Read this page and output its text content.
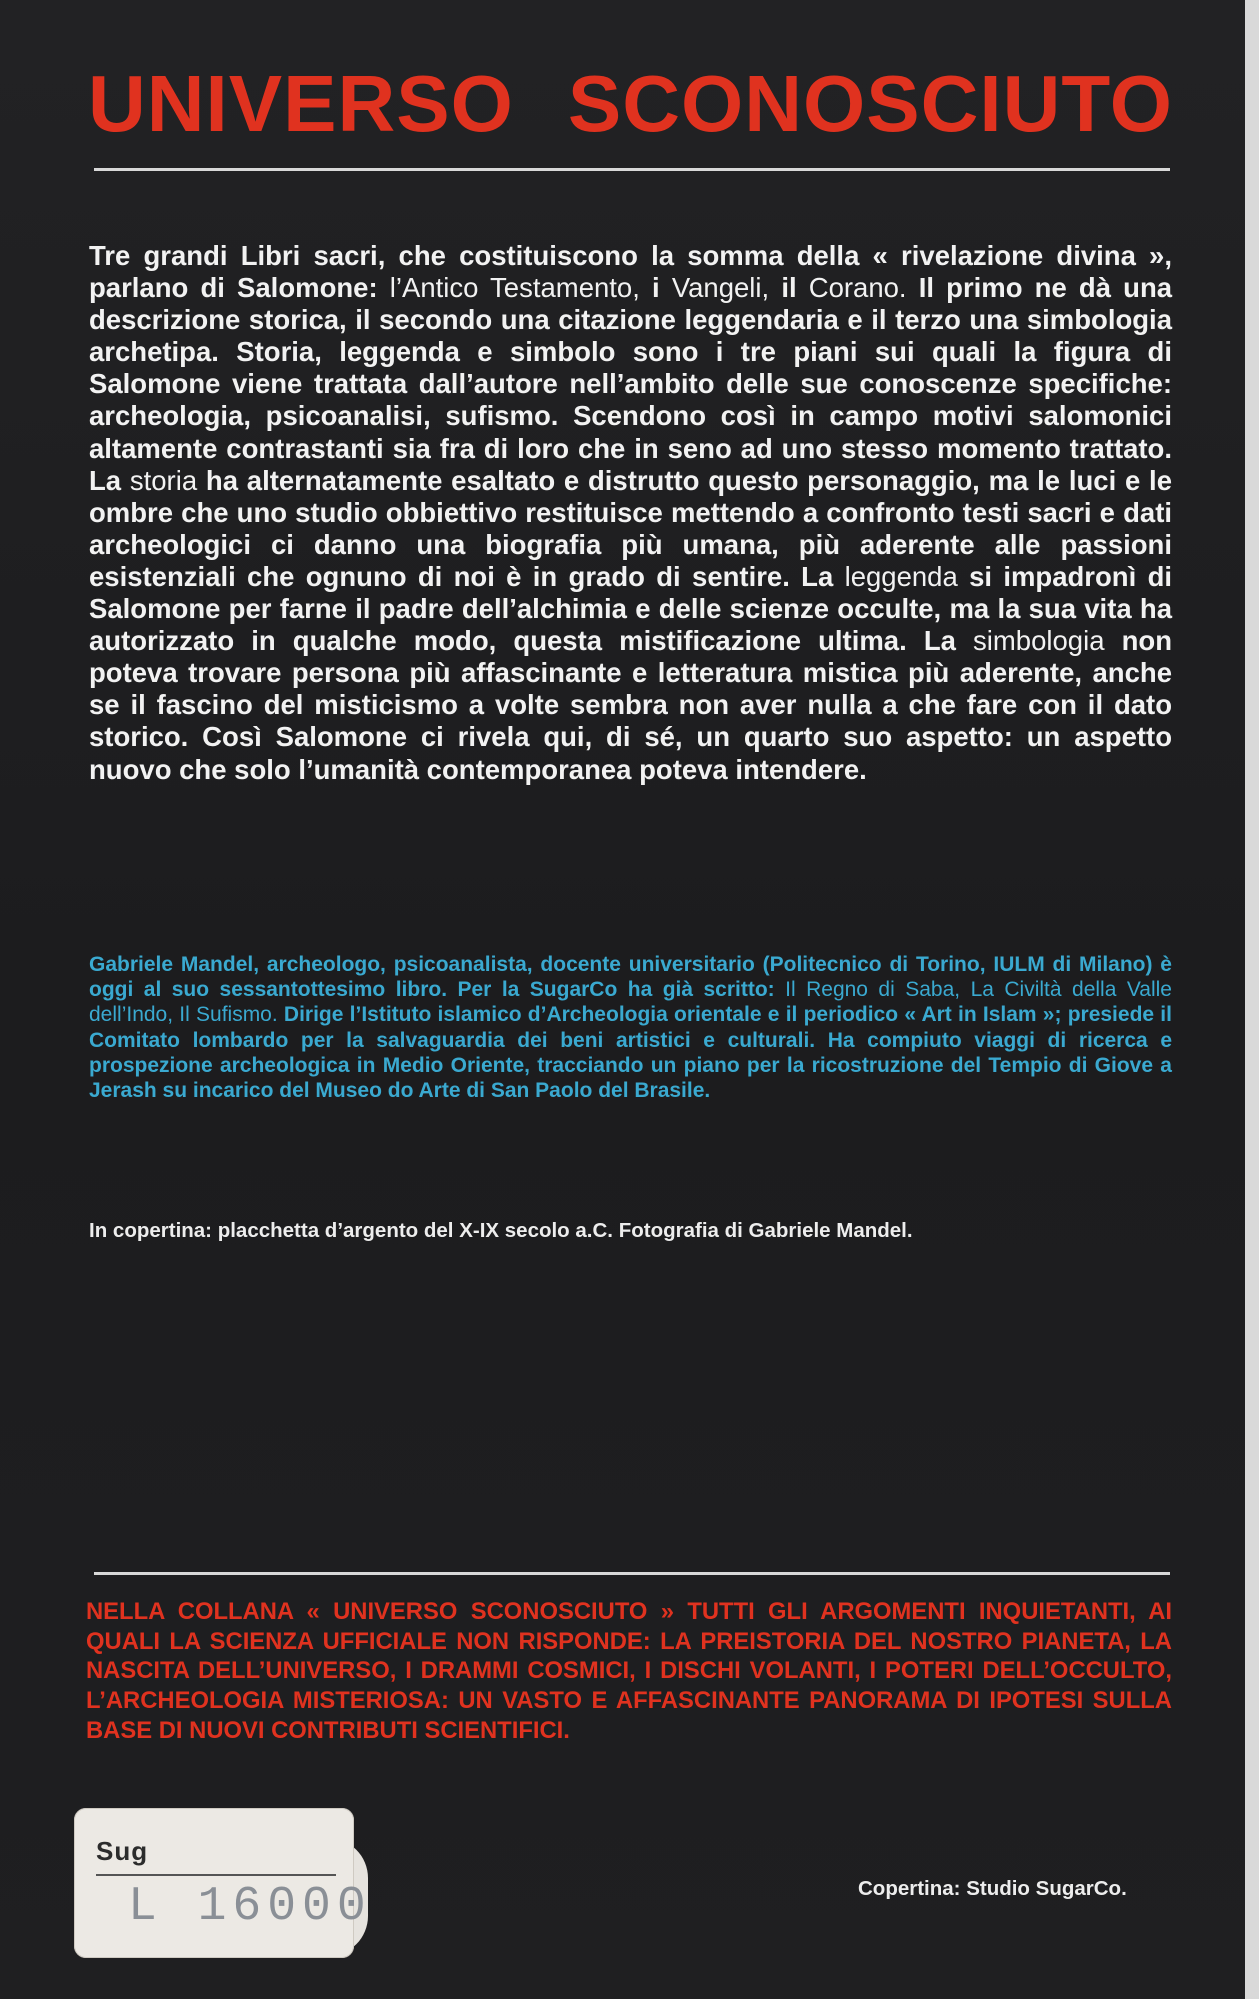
UNIVERSO SCONOSCIUTO

Tre grandi Libri sacri, che costituiscono la somma della « rivelazione divina », parlano di Salomone: l’Antico Testamento, i Vangeli, il Corano. Il primo ne dà una descrizione storica, il secondo una citazione leggendaria e il terzo una simbologia archetipa. Storia, leggenda e simbolo sono i tre piani sui quali la figura di Salomone viene trattata dall’autore nell’ambito delle sue conoscenze specifiche: archeologia, psicoanalisi, sufismo. Scendono così in campo motivi salomonici altamente contrastanti sia fra di loro che in seno ad uno stesso momento trattato. La storia ha alternatamente esaltato e distrutto questo personaggio, ma le luci e le ombre che uno studio obbiettivo restituisce mettendo a confronto testi sacri e dati archeologici ci danno una biografia più umana, più aderente alle passioni esistenziali che ognuno di noi è in grado di sentire. La leggenda si impadronì di Salomone per farne il padre dell’alchimia e delle scienze occulte, ma la sua vita ha autorizzato in qualche modo, questa mistificazione ultima. La simbologia non poteva trovare persona più affascinante e letteratura mistica più aderente, anche se il fascino del misticismo a volte sembra non aver nulla a che fare con il dato storico. Così Salomone ci rivela qui, di sé, un quarto suo aspetto: un aspetto nuovo che solo l’umanità contemporanea poteva intendere.

Gabriele Mandel, archeologo, psicoanalista, docente universitario (Politecnico di Torino, IULM di Milano) è oggi al suo sessantottesimo libro. Per la SugarCo ha già scritto: Il Regno di Saba, La Civiltà della Valle dell’Indo, Il Sufismo. Dirige l’Istituto islamico d’Archeologia orientale e il periodico « Art in Islam »; presiede il Comitato lombardo per la salvaguardia dei beni artistici e culturali. Ha compiuto viaggi di ricerca e prospezione archeologica in Medio Oriente, tracciando un piano per la ricostruzione del Tempio di Giove a Jerash su incarico del Museo do Arte di San Paolo del Brasile.

In copertina: placchetta d’argento del X-IX secolo a.C. Fotografia di Gabriele Mandel.

NELLA COLLANA « UNIVERSO SCONOSCIUTO » TUTTI GLI ARGOMENTI INQUIETANTI, AI QUALI LA SCIENZA UFFICIALE NON RISPONDE: LA PREISTORIA DEL NOSTRO PIANETA, LA NASCITA DELL’UNIVERSO, I DRAMMI COSMICI, I DISCHI VOLANTI, I POTERI DELL’OCCULTO, L’ARCHEOLOGIA MISTERIOSA: UN VASTO E AFFASCINANTE PANORAMA DI IPOTESI SULLA BASE DI NUOVI CONTRIBUTI SCIENTIFICI.

Sug
L 16000	Copertina: Studio SugarCo.
